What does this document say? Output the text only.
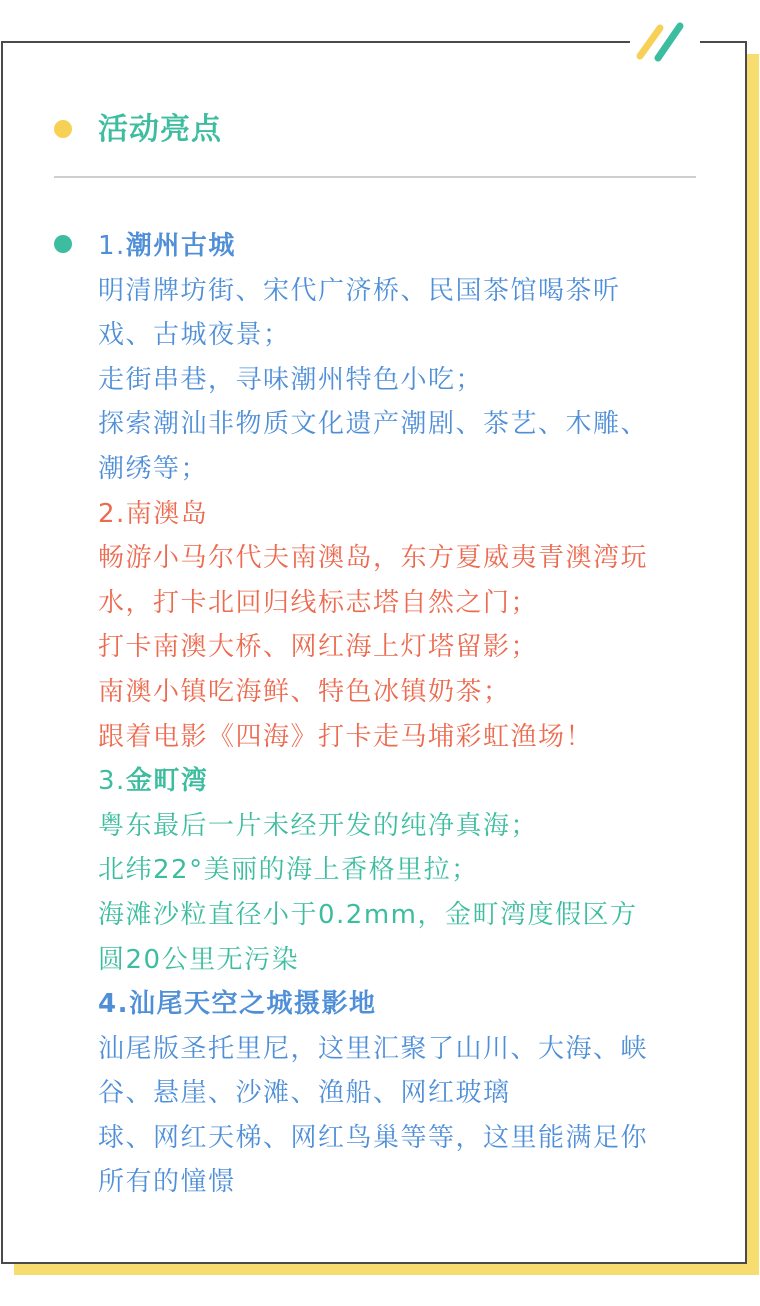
活动亮点
1.潮州古城
明清牌坊街、宋代广济桥、民国茶馆喝茶听
戏、古城夜景；
走街串巷，寻味潮州特色小吃；
探索潮汕非物质文化遗产潮剧、茶艺、木雕、
潮绣等；
2.南澳岛
畅游小马尔代夫南澳岛，东方夏威夷青澳湾玩
水，打卡北回归线标志塔自然之门；
打卡南澳大桥、网红海上灯塔留影；
南澳小镇吃海鲜、特色冰镇奶茶；
跟着电影《四海》打卡走马埔彩虹渔场！
3.金町湾
粤东最后一片未经开发的纯净真海；
北纬22°美丽的海上香格里拉；
海滩沙粒直径小于0.2mm，金町湾度假区方
圆20公里无污染
4.汕尾天空之城摄影地
汕尾版圣托里尼，这里汇聚了山川、大海、峡
谷、悬崖、沙滩、渔船、网红玻璃
球、网红天梯、网红鸟巢等等，这里能满足你
所有的憧憬
